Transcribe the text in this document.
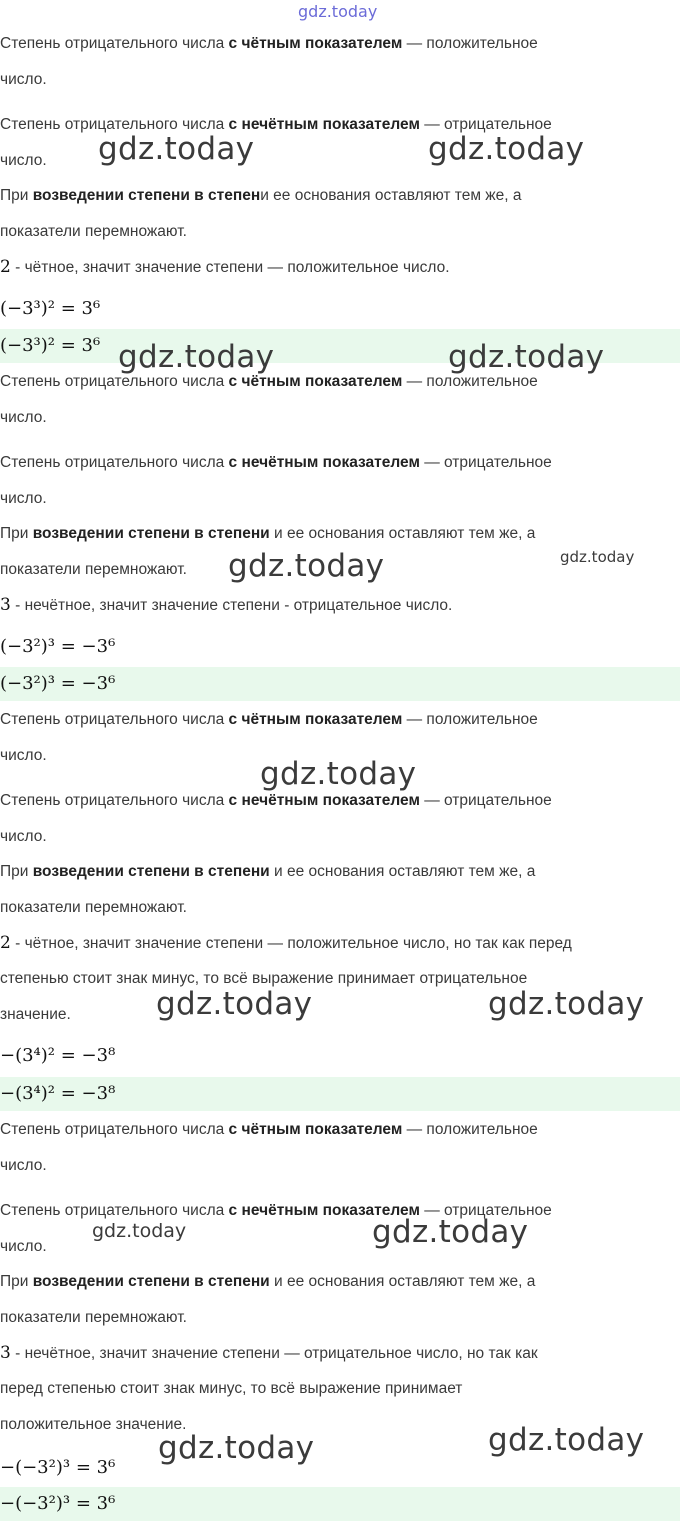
gdz.today
Степень отрицательного числа с чётным показателем — положительное
число.
Степень отрицательного числа с нечётным показателем — отрицательное
число.
При возведении степени в степени ее основания оставляют тем же, а
показатели перемножают.
2 - чётное, значит значение степени — положительное число.
(−3³)² = 3⁶
(−3³)² = 3⁶
Степень отрицательного числа с чётным показателем — положительное
число.
Степень отрицательного числа с нечётным показателем — отрицательное
число.
При возведении степени в степени и ее основания оставляют тем же, а
показатели перемножают.
3 - нечётное, значит значение степени - отрицательное число.
(−3²)³ = −3⁶
(−3²)³ = −3⁶
Степень отрицательного числа с чётным показателем — положительное
число.
Степень отрицательного числа с нечётным показателем — отрицательное
число.
При возведении степени в степени и ее основания оставляют тем же, а
показатели перемножают.
2 - чётное, значит значение степени — положительное число, но так как перед
степенью стоит знак минус, то всё выражение принимает отрицательное
значение.
−(3⁴)² = −3⁸
−(3⁴)² = −3⁸
Степень отрицательного числа с чётным показателем — положительное
число.
Степень отрицательного числа с нечётным показателем — отрицательное
число.
При возведении степени в степени и ее основания оставляют тем же, а
показатели перемножают.
3 - нечётное, значит значение степени — отрицательное число, но так как
перед степенью стоит знак минус, то всё выражение принимает
положительное значение.
−(−3²)³ = 3⁶
−(−3²)³ = 3⁶
gdz.today	gdz.today
gdz.today	gdz.today
gdz.today	gdz.today
gdz.today
gdz.today	gdz.today
gdz.today	gdz.today
gdz.today	gdz.today
